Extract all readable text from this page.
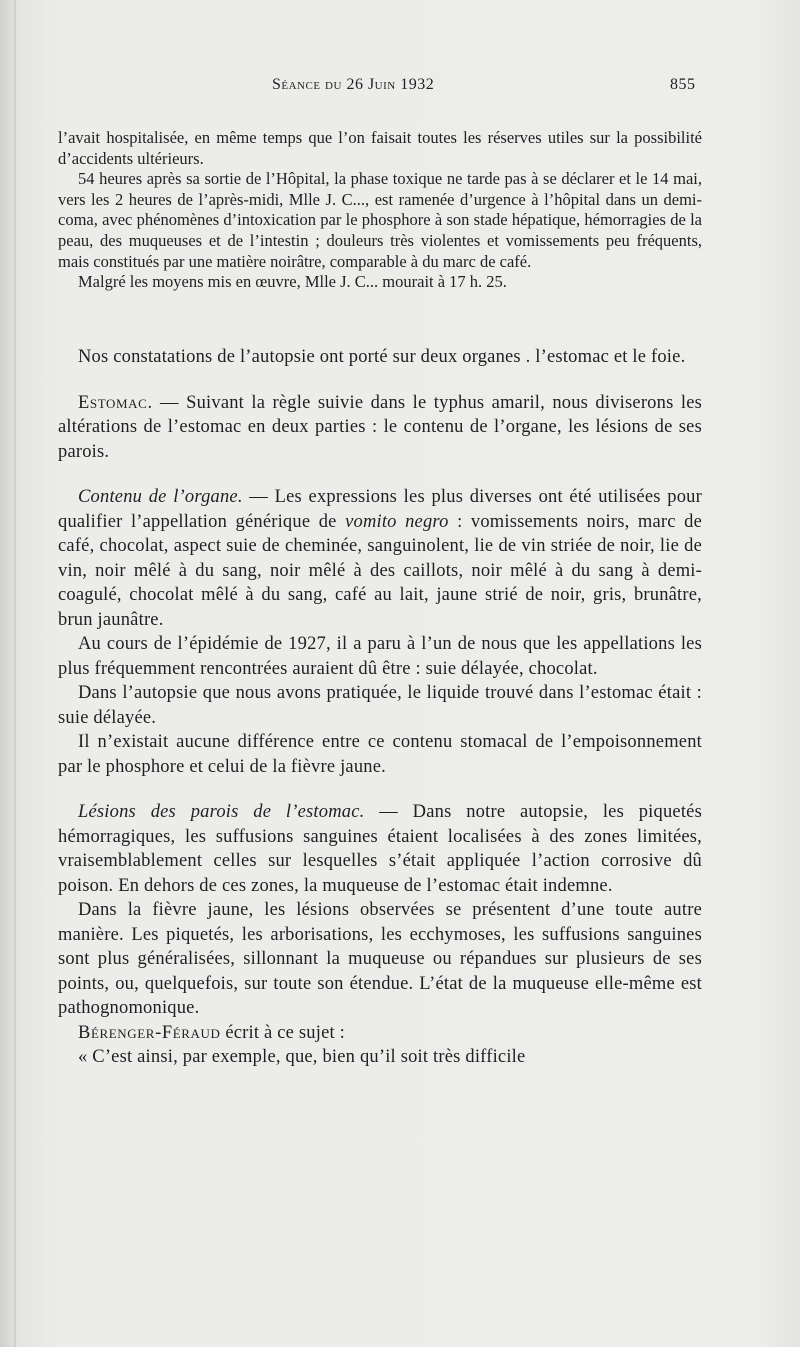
Séance du 26 Juin 1932	855

l’avait hospitalisée, en même temps que l’on faisait toutes les réserves utiles sur la possibilité d’accidents ultérieurs.

54 heures après sa sortie de l’Hôpital, la phase toxique ne tarde pas à se déclarer et le 14 mai, vers les 2 heures de l’après-midi, Mlle J. C..., est ramenée d’urgence à l’hôpital dans un demi-coma, avec phénomènes d’intoxication par le phosphore à son stade hépatique, hémorragies de la peau, des muqueuses et de l’intestin ; douleurs très violentes et vomissements peu fréquents, mais constitués par une matière noirâtre, comparable à du marc de café.

Malgré les moyens mis en œuvre, Mlle J. C... mourait à 17 h. 25.

Nos constatations de l’autopsie ont porté sur deux organes . l’estomac et le foie.

Estomac. — Suivant la règle suivie dans le typhus amaril, nous diviserons les altérations de l’estomac en deux parties : le contenu de l’organe, les lésions de ses parois.

Contenu de l’organe. — Les expressions les plus diverses ont été utilisées pour qualifier l’appellation générique de vomito negro : vomissements noirs, marc de café, chocolat, aspect suie de cheminée, sanguinolent, lie de vin striée de noir, lie de vin, noir mêlé à du sang, noir mêlé à des caillots, noir mêlé à du sang à demi-coagulé, chocolat mêlé à du sang, café au lait, jaune strié de noir, gris, brunâtre, brun jaunâtre.

Au cours de l’épidémie de 1927, il a paru à l’un de nous que les appellations les plus fréquemment rencontrées auraient dû être : suie délayée, chocolat.

Dans l’autopsie que nous avons pratiquée, le liquide trouvé dans l’estomac était : suie délayée.

Il n’existait aucune différence entre ce contenu stomacal de l’empoisonnement par le phosphore et celui de la fièvre jaune.

Lésions des parois de l’estomac. — Dans notre autopsie, les piquetés hémorragiques, les suffusions sanguines étaient localisées à des zones limitées, vraisemblablement celles sur lesquelles s’était appliquée l’action corrosive dû poison. En dehors de ces zones, la muqueuse de l’estomac était indemne.

Dans la fièvre jaune, les lésions observées se présentent d’une toute autre manière. Les piquetés, les arborisations, les ecchymoses, les suffusions sanguines sont plus généralisées, sillonnant la muqueuse ou répandues sur plusieurs de ses points, ou, quelquefois, sur toute son étendue. L’état de la muqueuse elle-même est pathognomonique.

Bérenger-Féraud écrit à ce sujet :

« C’est ainsi, par exemple, que, bien qu’il soit très difficile
